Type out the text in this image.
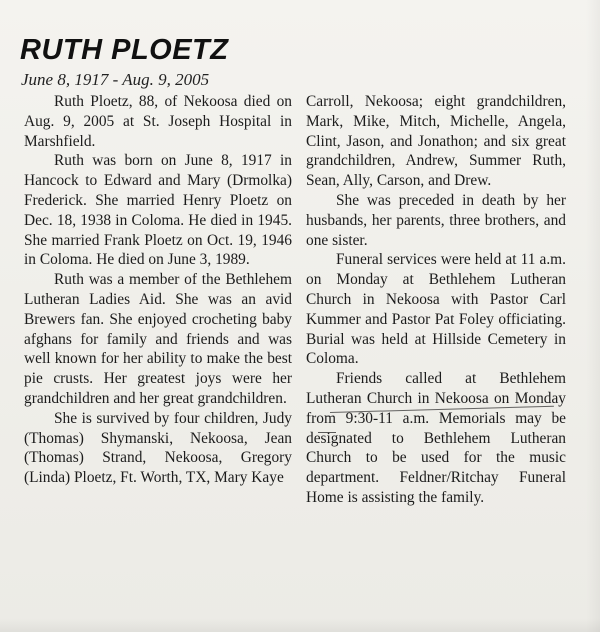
RUTH PLOETZ
June 8, 1917 - Aug. 9, 2005

Ruth Ploetz, 88, of Nekoosa died on Aug. 9, 2005 at St. Joseph Hospital in Marshfield.

Ruth was born on June 8, 1917 in Hancock to Edward and Mary (Drmolka) Frederick. She married Henry Ploetz on Dec. 18, 1938 in Coloma. He died in 1945. She married Frank Ploetz on Oct. 19, 1946 in Coloma. He died on June 3, 1989.

Ruth was a member of the Bethlehem Lutheran Ladies Aid. She was an avid Brewers fan. She enjoyed crocheting baby afghans for family and friends and was well known for her ability to make the best pie crusts. Her greatest joys were her grandchildren and her great grandchildren.

She is survived by four children, Judy (Thomas) Shymanski, Nekoosa, Jean (Thomas) Strand, Nekoosa, Gregory (Linda) Ploetz, Ft. Worth, TX, Mary Kaye

Carroll, Nekoosa; eight grandchildren, Mark, Mike, Mitch, Michelle, Angela, Clint, Jason, and Jonathon; and six great grandchildren, Andrew, Summer Ruth, Sean, Ally, Carson, and Drew.

She was preceded in death by her husbands, her parents, three brothers, and one sister.

Funeral services were held at 11 a.m. on Monday at Bethlehem Lutheran Church in Nekoosa with Pastor Carl Kummer and Pastor Pat Foley officiating. Burial was held at Hillside Cemetery in Coloma.

Friends called at Bethlehem Lutheran Church in Nekoosa on Monday from 9:30-11 a.m. Memorials may be designated to Bethlehem Lutheran Church to be used for the music department. Feldner/Ritchay Funeral Home is assisting the family.
